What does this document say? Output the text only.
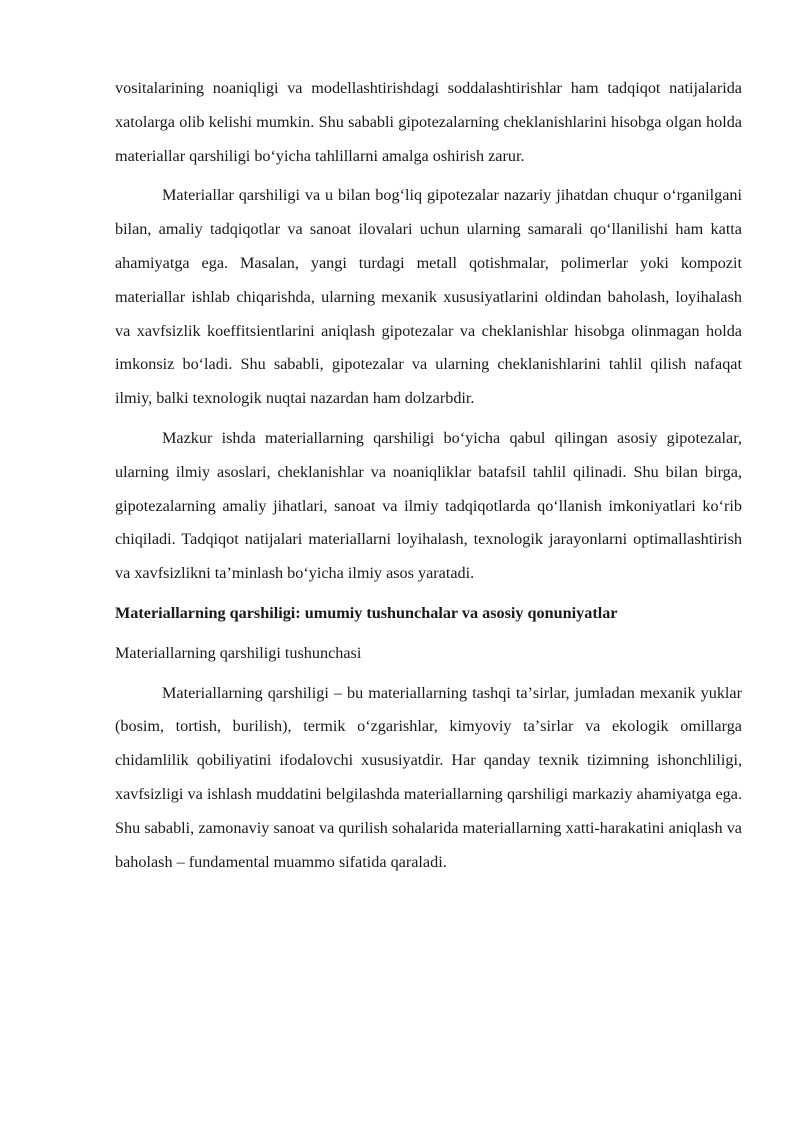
vositalarining noaniqligi va modellashtirishdagi soddalashtirishlar ham tadqiqot natijalarida xatolarga olib kelishi mumkin. Shu sababli gipotezalarning cheklanishlarini hisobga olgan holda materiallar qarshiligi boʻyicha tahlillarni amalga oshirish zarur.

Materiallar qarshiligi va u bilan bogʻliq gipotezalar nazariy jihatdan chuqur oʻrganilgani bilan, amaliy tadqiqotlar va sanoat ilovalari uchun ularning samarali qoʻllanilishi ham katta ahamiyatga ega. Masalan, yangi turdagi metall qotishmalar, polimerlar yoki kompozit materiallar ishlab chiqarishda, ularning mexanik xususiyatlarini oldindan baholash, loyihalash va xavfsizlik koeffitsientlarini aniqlash gipotezalar va cheklanishlar hisobga olinmagan holda imkonsiz boʻladi. Shu sababli, gipotezalar va ularning cheklanishlarini tahlil qilish nafaqat ilmiy, balki texnologik nuqtai nazardan ham dolzarbdir.

Mazkur ishda materiallarning qarshiligi boʻyicha qabul qilingan asosiy gipotezalar, ularning ilmiy asoslari, cheklanishlar va noaniqliklar batafsil tahlil qilinadi. Shu bilan birga, gipotezalarning amaliy jihatlari, sanoat va ilmiy tadqiqotlarda qoʻllanish imkoniyatlari koʻrib chiqiladi. Tadqiqot natijalari materiallarni loyihalash, texnologik jarayonlarni optimallashtirish va xavfsizlikni taʼminlash boʻyicha ilmiy asos yaratadi.

Materiallarning qarshiligi: umumiy tushunchalar va asosiy qonuniyatlar

Materiallarning qarshiligi tushunchasi

Materiallarning qarshiligi – bu materiallarning tashqi taʼsirlar, jumladan mexanik yuklar (bosim, tortish, burilish), termik oʻzgarishlar, kimyoviy taʼsirlar va ekologik omillarga chidamlilik qobiliyatini ifodalovchi xususiyatdir. Har qanday texnik tizimning ishonchliligi, xavfsizligi va ishlash muddatini belgilashda materiallarning qarshiligi markaziy ahamiyatga ega. Shu sababli, zamonaviy sanoat va qurilish sohalarida materiallarning xatti-harakatini aniqlash va baholash – fundamental muammo sifatida qaraladi.
